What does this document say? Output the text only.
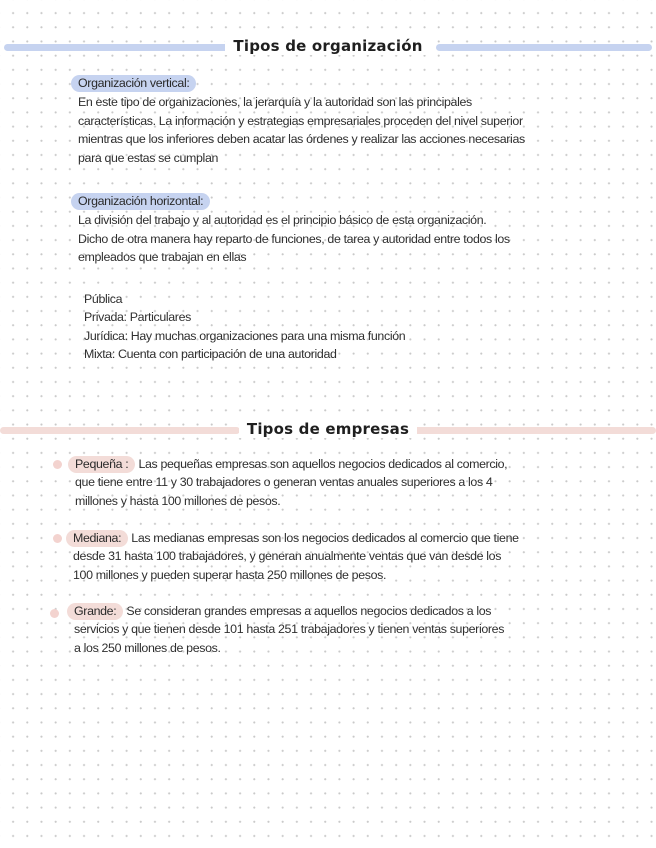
Tipos de organización
Organización vertical:
En este tipo de organizaciones, la jerarquía y la autoridad son las principales
características. La información y estrategias empresariales proceden del nivel superior
mientras que los inferiores deben acatar las órdenes y realizar las acciones necesarias
para que estas se cumplan
Organización horizontal:
La división del trabajo y al autoridad es el principio básico de esta organización.
Dicho de otra manera hay reparto de funciones, de tarea y autoridad entre todos los
empleados que trabajan en ellas
Pública
Privada: Particulares
Jurídica: Hay muchas organizaciones para una misma función
Mixta: Cuenta con participación de una autoridad
Tipos de empresas
Pequeña : Las pequeñas empresas son aquellos negocios dedicados al comercio,
que tiene entre 11 y 30 trabajadores o generan ventas anuales superiores a los 4
millones y hasta 100 millones de pesos.
Mediana: Las medianas empresas son los negocios dedicados al comercio que tiene
desde 31 hasta 100 trabajadores, y generan anualmente ventas que van desde los
100 millones y pueden superar hasta 250 millones de pesos.
Grande: Se consideran grandes empresas a aquellos negocios dedicados a los
servicios y que tienen desde 101 hasta 251 trabajadores y tienen ventas superiores
a los 250 millones de pesos.
